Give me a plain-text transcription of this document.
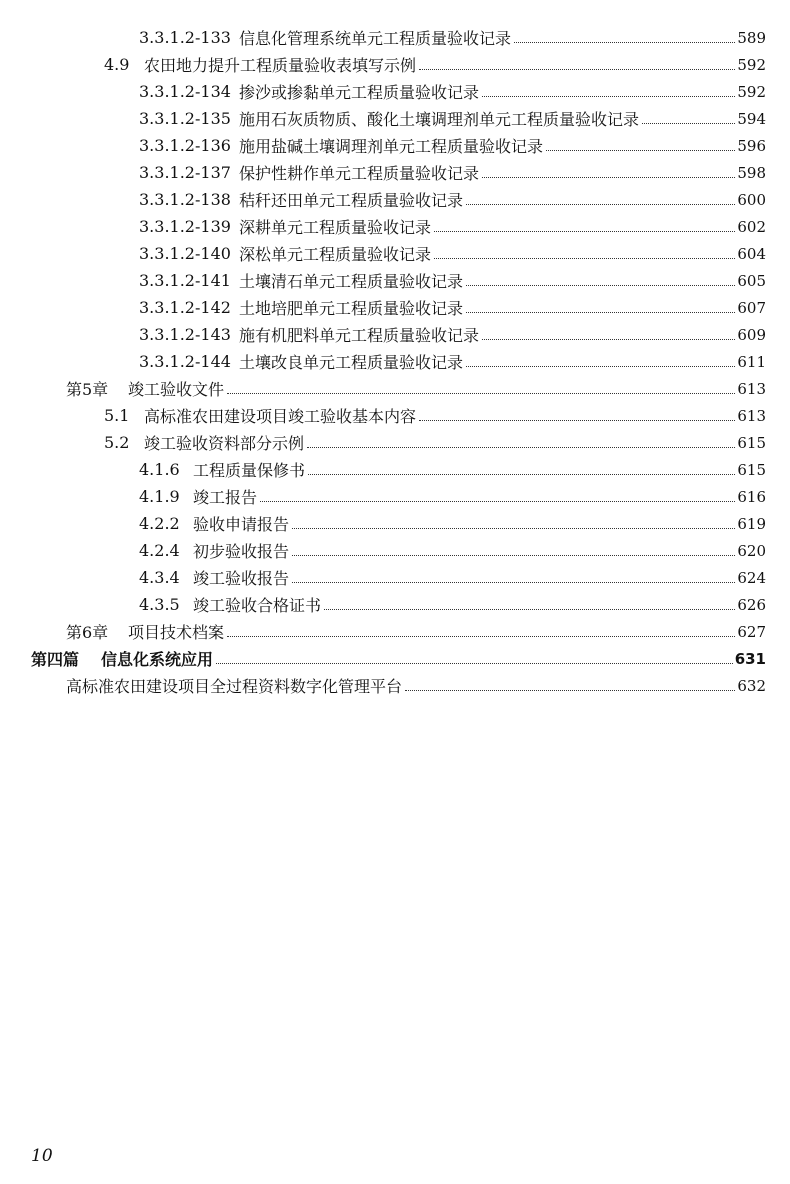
3.3.1.2-133 信息化管理系统单元工程质量验收记录	589
4.9 农田地力提升工程质量验收表填写示例	592
3.3.1.2-134 掺沙或掺黏单元工程质量验收记录	592
3.3.1.2-135 施用石灰质物质、酸化土壤调理剂单元工程质量验收记录	594
3.3.1.2-136 施用盐碱土壤调理剂单元工程质量验收记录	596
3.3.1.2-137 保护性耕作单元工程质量验收记录	598
3.3.1.2-138 秸秆还田单元工程质量验收记录	600
3.3.1.2-139 深耕单元工程质量验收记录	602
3.3.1.2-140 深松单元工程质量验收记录	604
3.3.1.2-141 土壤清石单元工程质量验收记录	605
3.3.1.2-142 土地培肥单元工程质量验收记录	607
3.3.1.2-143 施有机肥料单元工程质量验收记录	609
3.3.1.2-144 土壤改良单元工程质量验收记录	611
第5章	竣工验收文件	613
5.1 高标准农田建设项目竣工验收基本内容	613
5.2 竣工验收资料部分示例	615
4.1.6 工程质量保修书	615
4.1.9 竣工报告	616
4.2.2 验收申请报告	619
4.2.4 初步验收报告	620
4.3.4 竣工验收报告	624
4.3.5 竣工验收合格证书	626
第6章	项目技术档案	627
第四篇	信息化系统应用	631
高标准农田建设项目全过程资料数字化管理平台	632
10
